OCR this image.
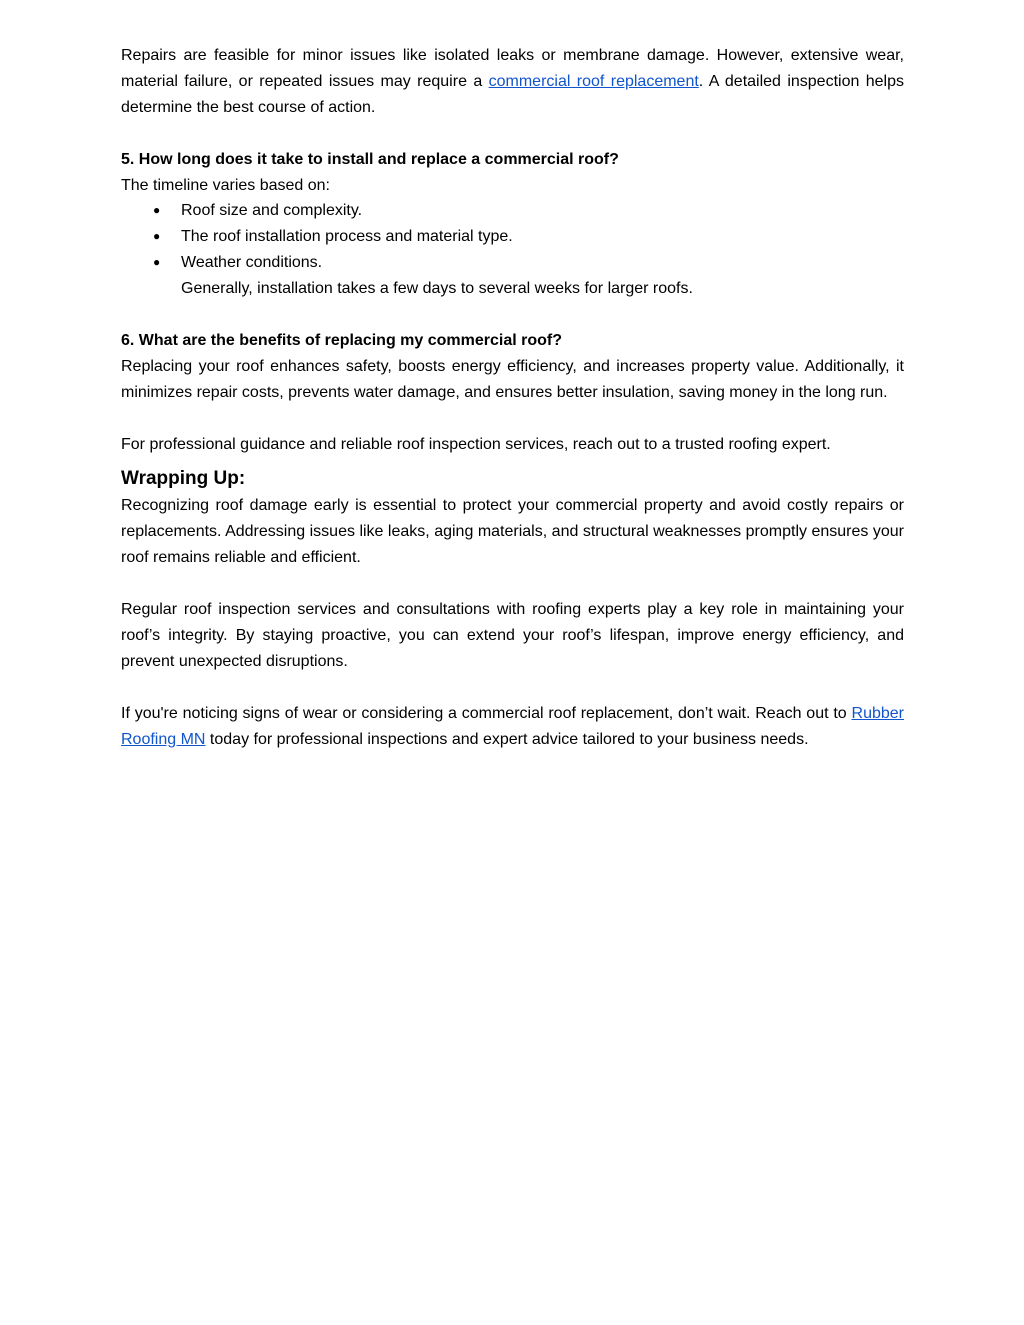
Repairs are feasible for minor issues like isolated leaks or membrane damage. However, extensive wear, material failure, or repeated issues may require a commercial roof replacement. A detailed inspection helps determine the best course of action.

5. How long does it take to install and replace a commercial roof?

The timeline varies based on:

● Roof size and complexity.
● The roof installation process and material type.
● Weather conditions.

Generally, installation takes a few days to several weeks for larger roofs.

6. What are the benefits of replacing my commercial roof?

Replacing your roof enhances safety, boosts energy efficiency, and increases property value. Additionally, it minimizes repair costs, prevents water damage, and ensures better insulation, saving money in the long run.

For professional guidance and reliable roof inspection services, reach out to a trusted roofing expert.

Wrapping Up:

Recognizing roof damage early is essential to protect your commercial property and avoid costly repairs or replacements. Addressing issues like leaks, aging materials, and structural weaknesses promptly ensures your roof remains reliable and efficient.

Regular roof inspection services and consultations with roofing experts play a key role in maintaining your roof’s integrity. By staying proactive, you can extend your roof’s lifespan, improve energy efficiency, and prevent unexpected disruptions.

If you're noticing signs of wear or considering a commercial roof replacement, don’t wait. Reach out to Rubber Roofing MN today for professional inspections and expert advice tailored to your business needs.
